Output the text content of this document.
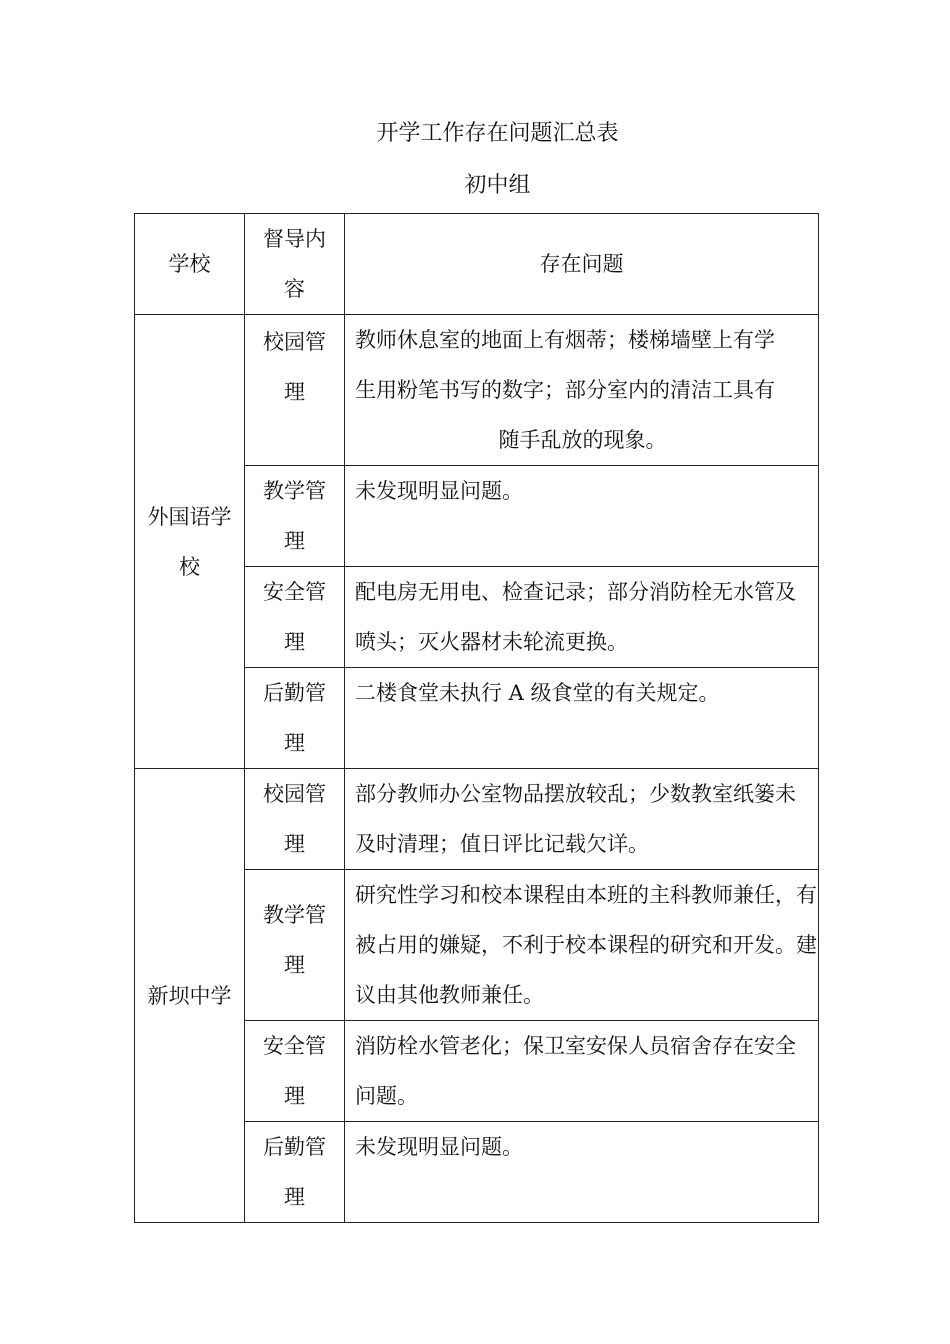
开学工作存在问题汇总表
初中组
学校	督导内容	存在问题

外国语学校	校园管理	教师休息室的地面上有烟蒂；楼梯墙壁上有学
生用粉笔书写的数字；部分室内的清洁工具有
随手乱放的现象。

	教学管理	未发现明显问题。

	安全管理	配电房无用电、检查记录；部分消防栓无水管及喷头；灭火器材未轮流更换。

	后勤管理	二楼食堂未执行 A 级食堂的有关规定。

新坝中学	校园管理	部分教师办公室物品摆放较乱；少数教室纸篓未及时清理；值日评比记载欠详。

	教学管理	研究性学习和校本课程由本班的主科教师兼任，有被占用的嫌疑，不利于校本课程的研究和开发。建议由其他教师兼任。

	安全管理	消防栓水管老化；保卫室安保人员宿舍存在安全问题。

	后勤管理	未发现明显问题。
